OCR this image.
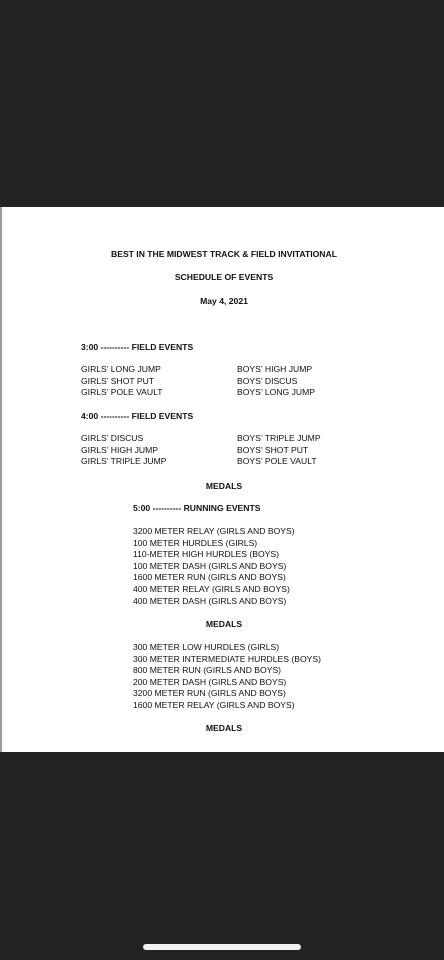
BEST IN THE MIDWEST TRACK & FIELD INVITATIONAL
SCHEDULE OF EVENTS
May 4, 2021
3:00 ---------- FIELD EVENTS
GIRLS’ LONG JUMP
GIRLS’ SHOT PUT
GIRLS’ POLE VAULT
BOYS’ HIGH JUMP
BOYS’ DISCUS
BOYS’ LONG JUMP
4:00 ---------- FIELD EVENTS
GIRLS’ DISCUS
GIRLS’ HIGH JUMP
GIRLS’ TRIPLE JUMP
BOYS’ TRIPLE JUMP
BOYS’ SHOT PUT
BOYS’ POLE VAULT
MEDALS
5:00 ---------- RUNNING EVENTS
3200 METER RELAY (GIRLS AND BOYS)
100 METER HURDLES (GIRLS)
110-METER HIGH HURDLES (BOYS)
100 METER DASH (GIRLS AND BOYS)
1600 METER RUN (GIRLS AND BOYS)
400 METER RELAY (GIRLS AND BOYS)
400 METER DASH (GIRLS AND BOYS)
MEDALS
300 METER LOW HURDLES (GIRLS)
300 METER INTERMEDIATE HURDLES (BOYS)
800 METER RUN (GIRLS AND BOYS)
200 METER DASH (GIRLS AND BOYS)
3200 METER RUN (GIRLS AND BOYS)
1600 METER RELAY (GIRLS AND BOYS)
MEDALS
